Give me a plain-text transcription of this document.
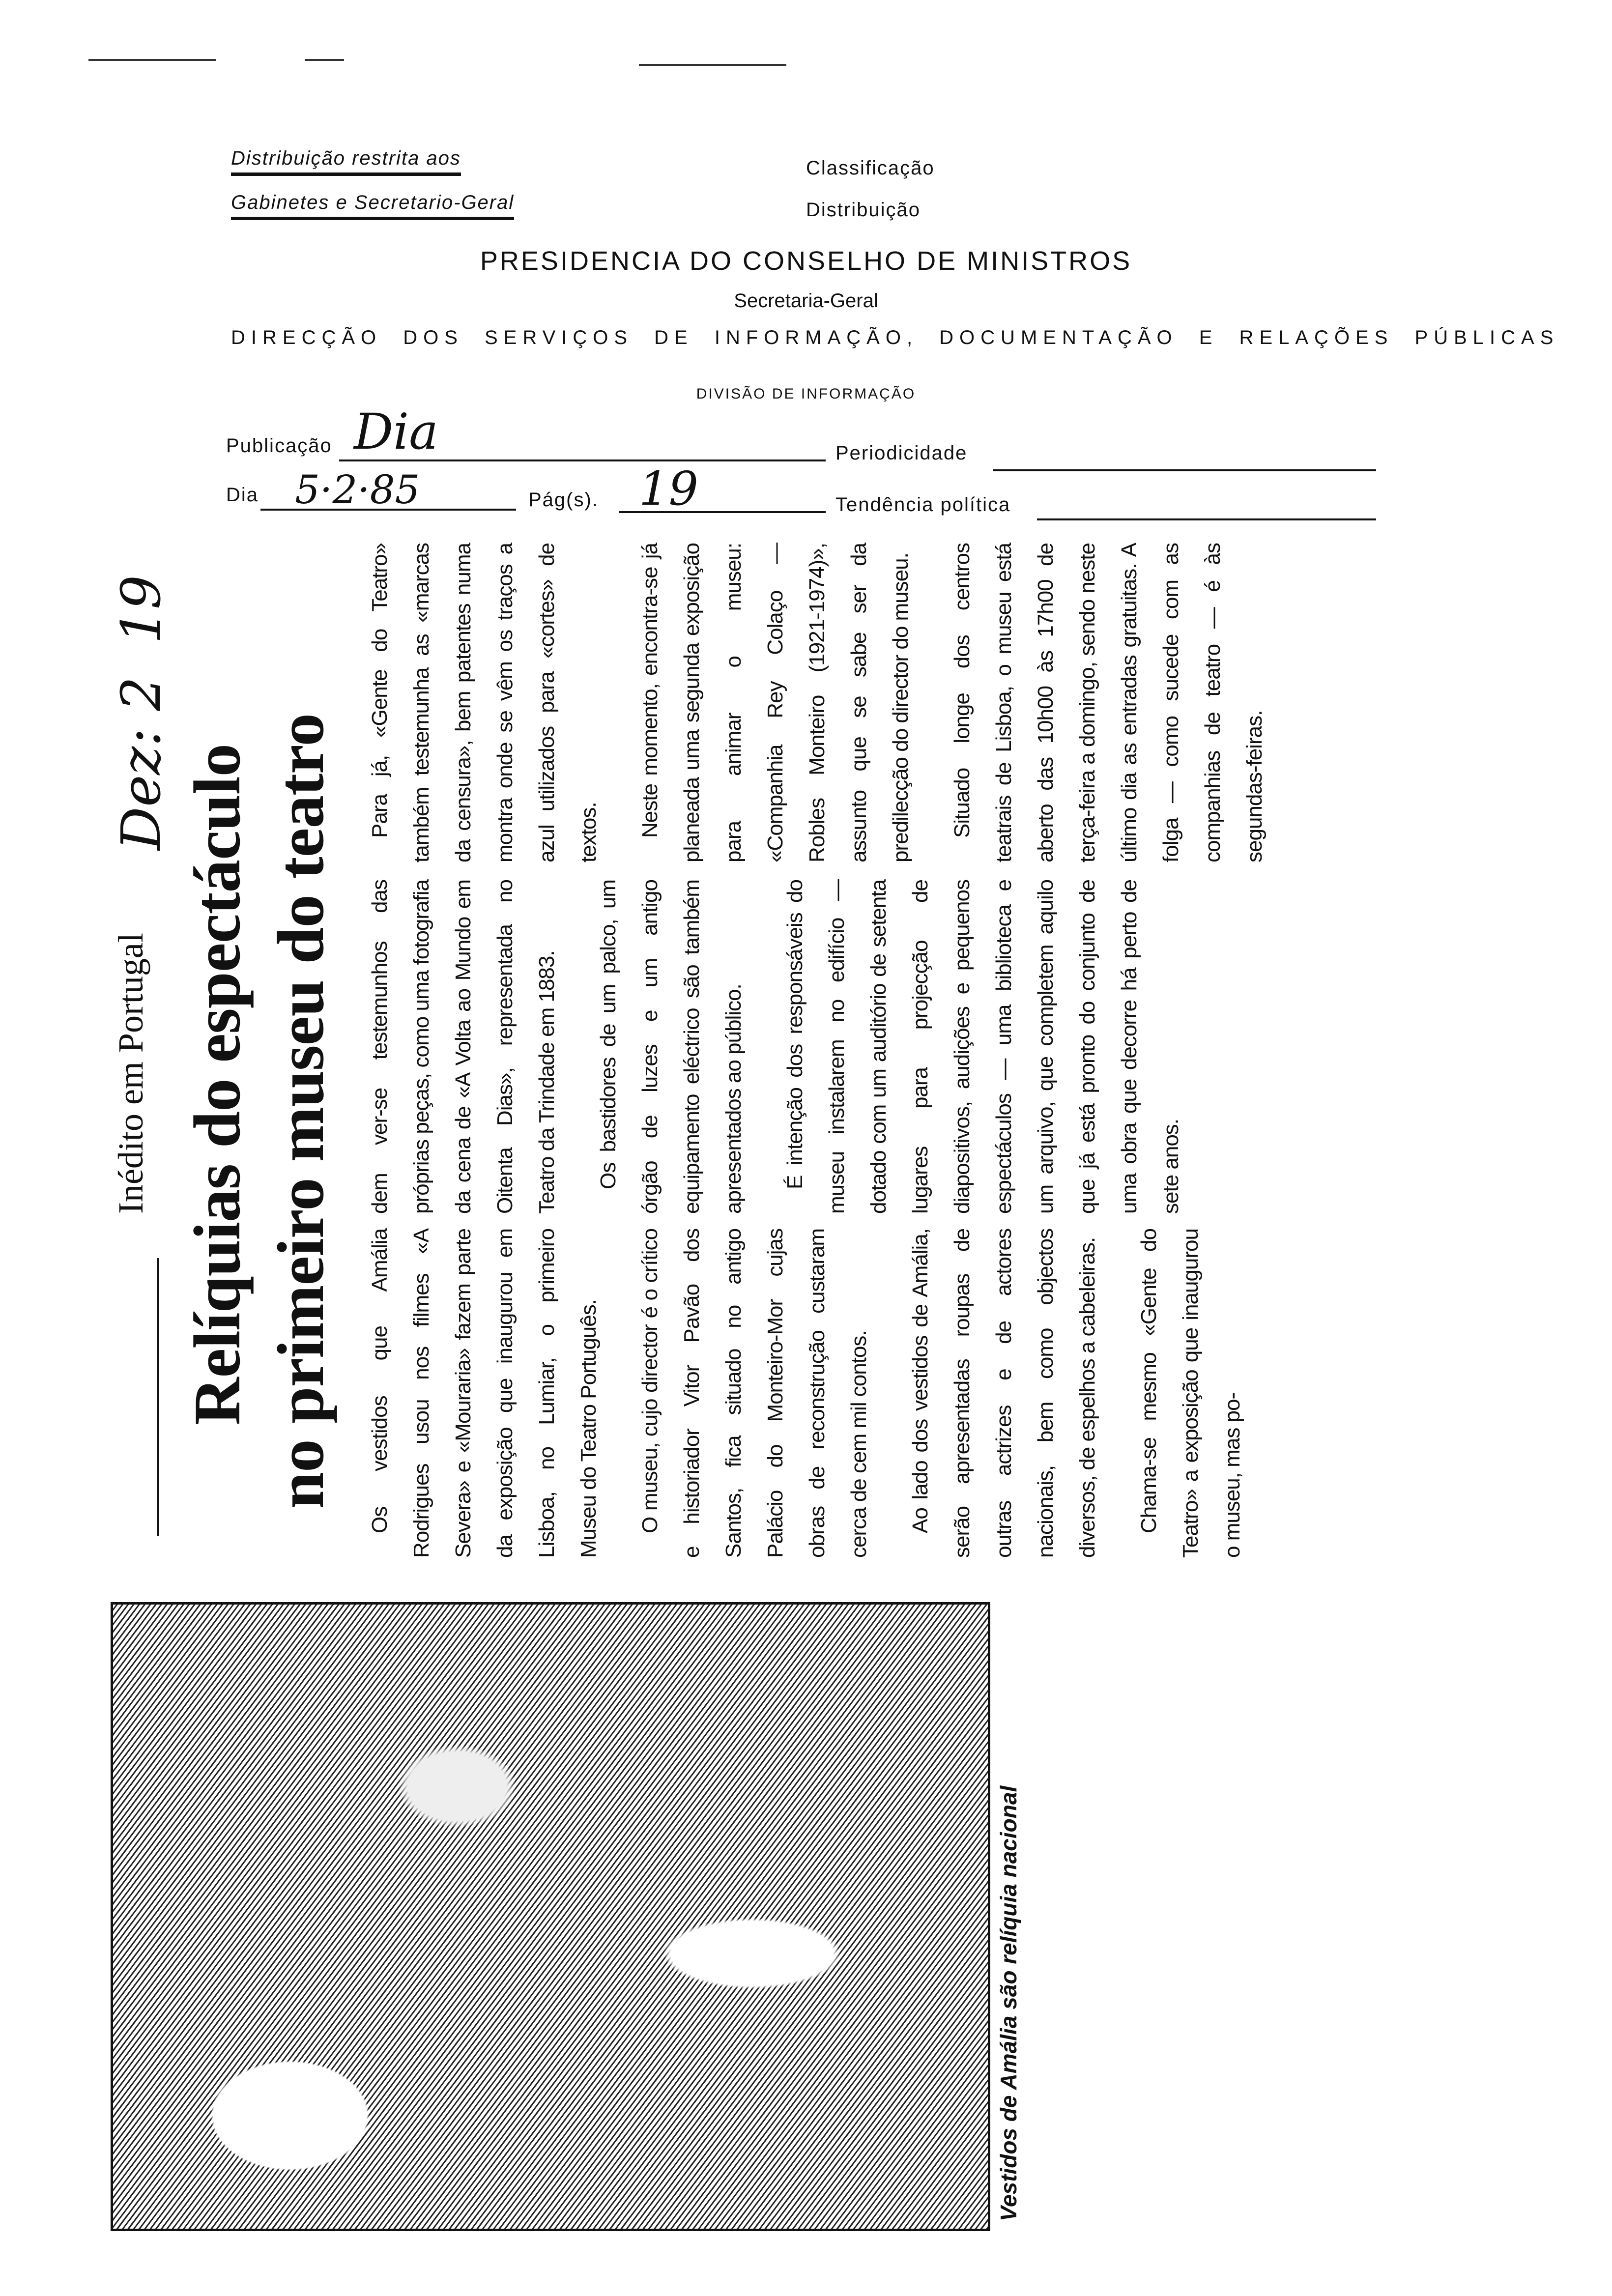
Distribuição restrita aos
Gabinetes e Secretario-Geral
Classificação
Distribuição
PRESIDENCIA DO CONSELHO DE MINISTROS
Secretaria-Geral
DIRECÇÃO DOS SERVIÇOS DE INFORMAÇÃO, DOCUMENTAÇÃO E RELAÇÕES PÚBLICAS
DIVISÃO DE INFORMAÇÃO
Publicação Dia	Periodicidade
Dia 5·2·85	Pág(s). 19	Tendência política
Vestidos de Amália são relíquia nacional
Inédito em Portugal Relíquias do espectáculo no primeiro museu do teatro
Dez: 2
19

Os vestidos que Amália Rodrigues usou nos filmes «A Severa» e «Mouraria» fazem parte da exposição que inaugurou em Lisboa, no Lumiar, o primeiro Museu do Teatro Português.	O museu, cujo director é o crítico e historiador Vitor Pavão dos Santos, fica situado no antigo Palácio do Monteiro-Mor cujas obras de reconstrução custaram cerca de cem mil contos.	Ao lado dos vestidos de Amália, serão apresentadas roupas de outras actrizes e de actores nacionais, bem como objectos diversos, de espelhos a cabeleiras.	Chama-se mesmo «Gente do Teatro» a exposição que inaugurou o museu, mas po-

dem ver-se testemunhos das próprias peças, como uma fotografia da cena de «A Volta ao Mundo em Oitenta Dias», representada no Teatro da Trindade em 1883.	Os bastidores de um palco, um órgão de luzes e um antigo equipamento eléctrico são também apresentados ao público.	É intenção dos responsáveis do museu instalarem no edifício — dotado com um auditório de setenta lugares para projecção de diapositivos, audições e pequenos espectáculos — uma biblioteca e um arquivo, que completem aquilo que já está pronto do conjunto de uma obra que decorre há perto de sete anos.

Para já, «Gente do Teatro» também testemunha as «marcas da censura», bem patentes numa montra onde se vêm os traços a azul utilizados para «cortes» de textos.	Neste momento, encontra-se já planeada uma segunda exposição para animar o museu: «Companhia Rey Colaço — Robles Monteiro (1921-1974)», assunto que se sabe ser da predilecção do director do museu.	Situado longe dos centros teatrais de Lisboa, o museu está aberto das 10h00 às 17h00 de terça-feira a domingo, sendo neste último dia as entradas gratuitas. A folga — como sucede com as companhias de teatro — é às segundas-feiras.
